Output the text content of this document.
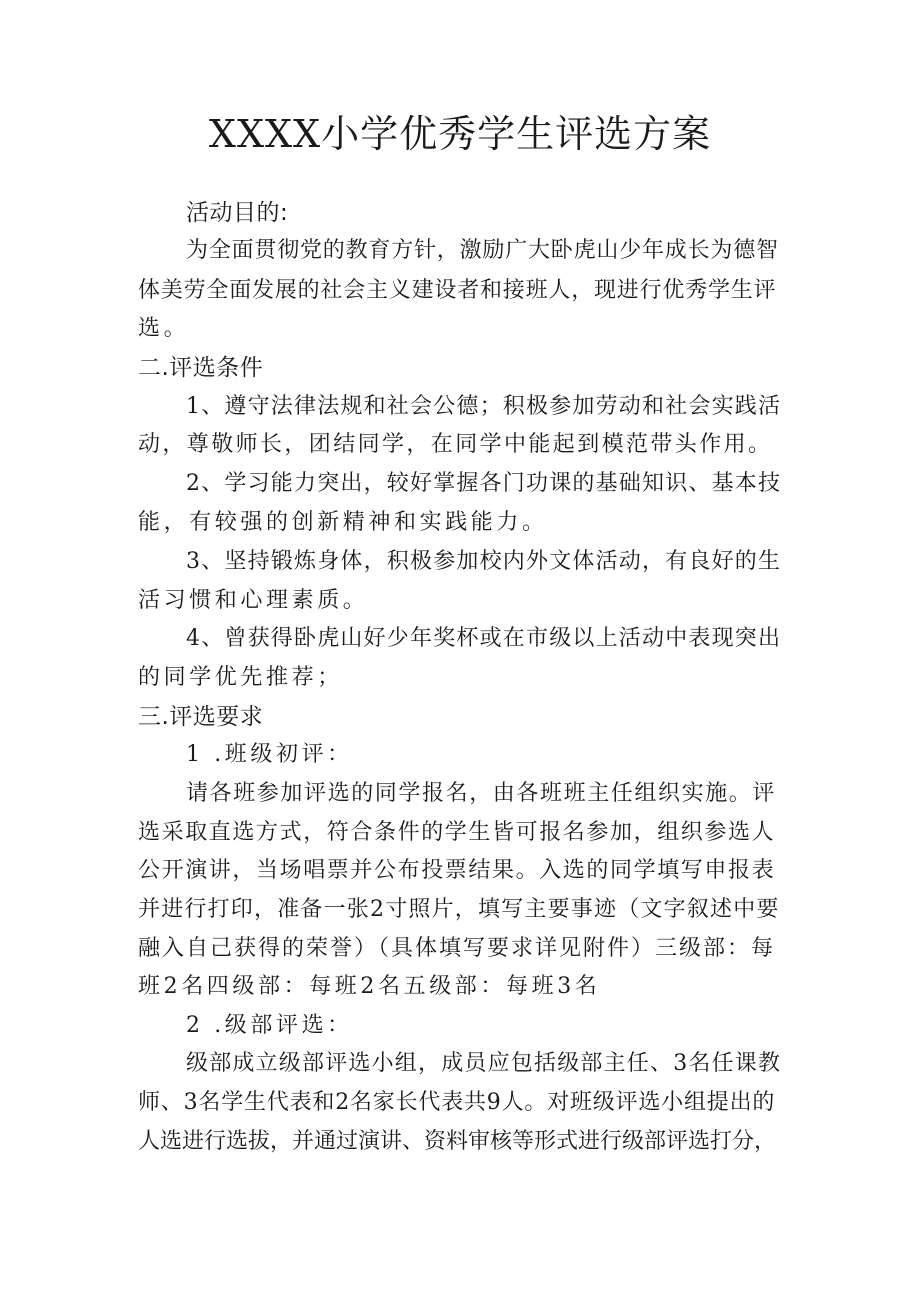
XXXX小学优秀学生评选方案
活动目的:
为全面贯彻党的教育方针，激励广大卧虎山少年成长为德智
体美劳全面发展的社会主义建设者和接班人，现进行优秀学生评
选。
二.评选条件
1、遵守法律法规和社会公德；积极参加劳动和社会实践活
动，尊敬师长，团结同学，在同学中能起到模范带头作用。
2、学习能力突出，较好掌握各门功课的基础知识、基本技
能，有较强的创新精神和实践能力。
3、坚持锻炼身体，积极参加校内外文体活动，有良好的生
活习惯和心理素质。
4、曾获得卧虎山好少年奖杯或在市级以上活动中表现突出
的同学优先推荐；
三.评选要求
1 .班级初评：
请各班参加评选的同学报名，由各班班主任组织实施。评
选采取直选方式，符合条件的学生皆可报名参加，组织参选人
公开演讲，当场唱票并公布投票结果。入选的同学填写申报表
并进行打印，准备一张2寸照片，填写主要事迹（文字叙述中要
融入自己获得的荣誉）（具体填写要求详见附件）三级部：每
班2名四级部：每班2名五级部：每班3名
2 .级部评选：
级部成立级部评选小组，成员应包括级部主任、3名任课教
师、3名学生代表和2名家长代表共9人。对班级评选小组提出的
人选进行选拔，并通过演讲、资料审核等形式进行级部评选打分，
